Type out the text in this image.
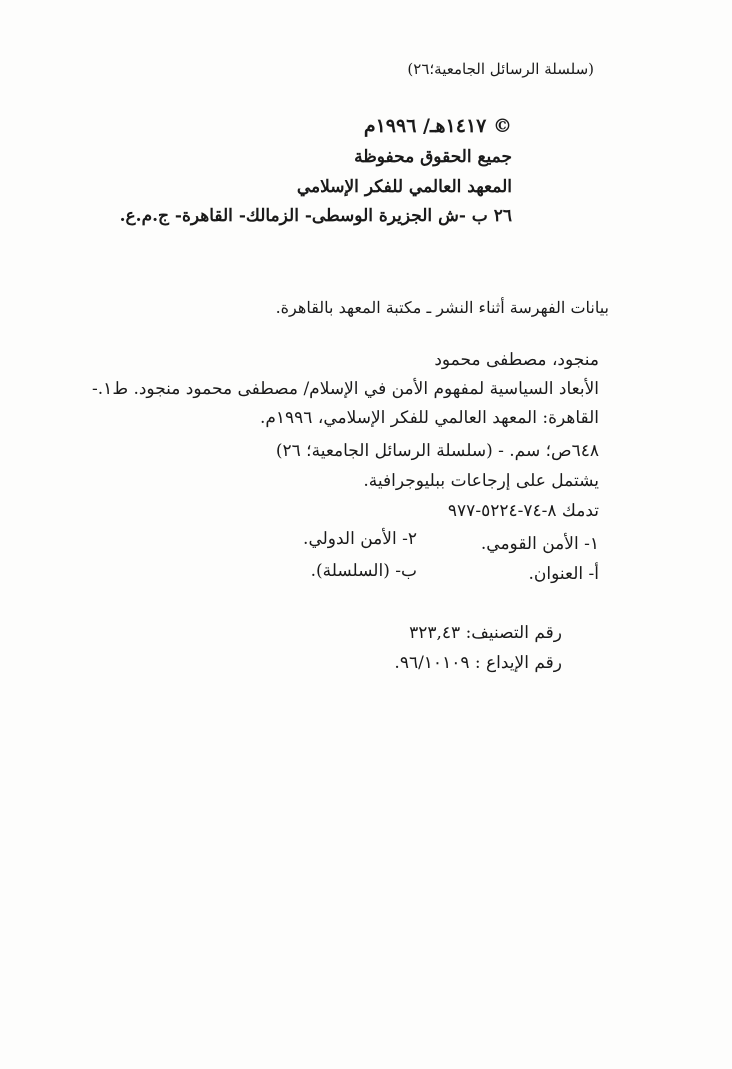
(سلسلة الرسائل الجامعية؛٢٦)
© ١٤١٧هـ/ ١٩٩٦م
جميع الحقوق محفوظة
المعهد العالمي للفكر الإسلامي
٢٦ ب -ش الجزيرة الوسطى- الزمالك- القاهرة- ج.م.ع.
بيانات الفهرسة أثناء النشر ـ مكتبة المعهد بالقاهرة.
منجود، مصطفى محمود
الأبعاد السياسية لمفهوم الأمن في الإسلام/ مصطفى محمود منجود. ط١.-
القاهرة: المعهد العالمي للفكر الإسلامي، ١٩٩٦م.
٦٤٨ص؛ سم. - (سلسلة الرسائل الجامعية؛ ٢٦)
يشتمل على إرجاعات ببليوجرافية.
تدمك ٨-٧٤-٥٢٢٤-٩٧٧
١- الأمن القومي.
٢- الأمن الدولي.
أ- العنوان.
ب- (السلسلة).
رقم التصنيف: ٣٢٣,٤٣
رقم الإيداع : ٩٦/١٠١٠٩.
